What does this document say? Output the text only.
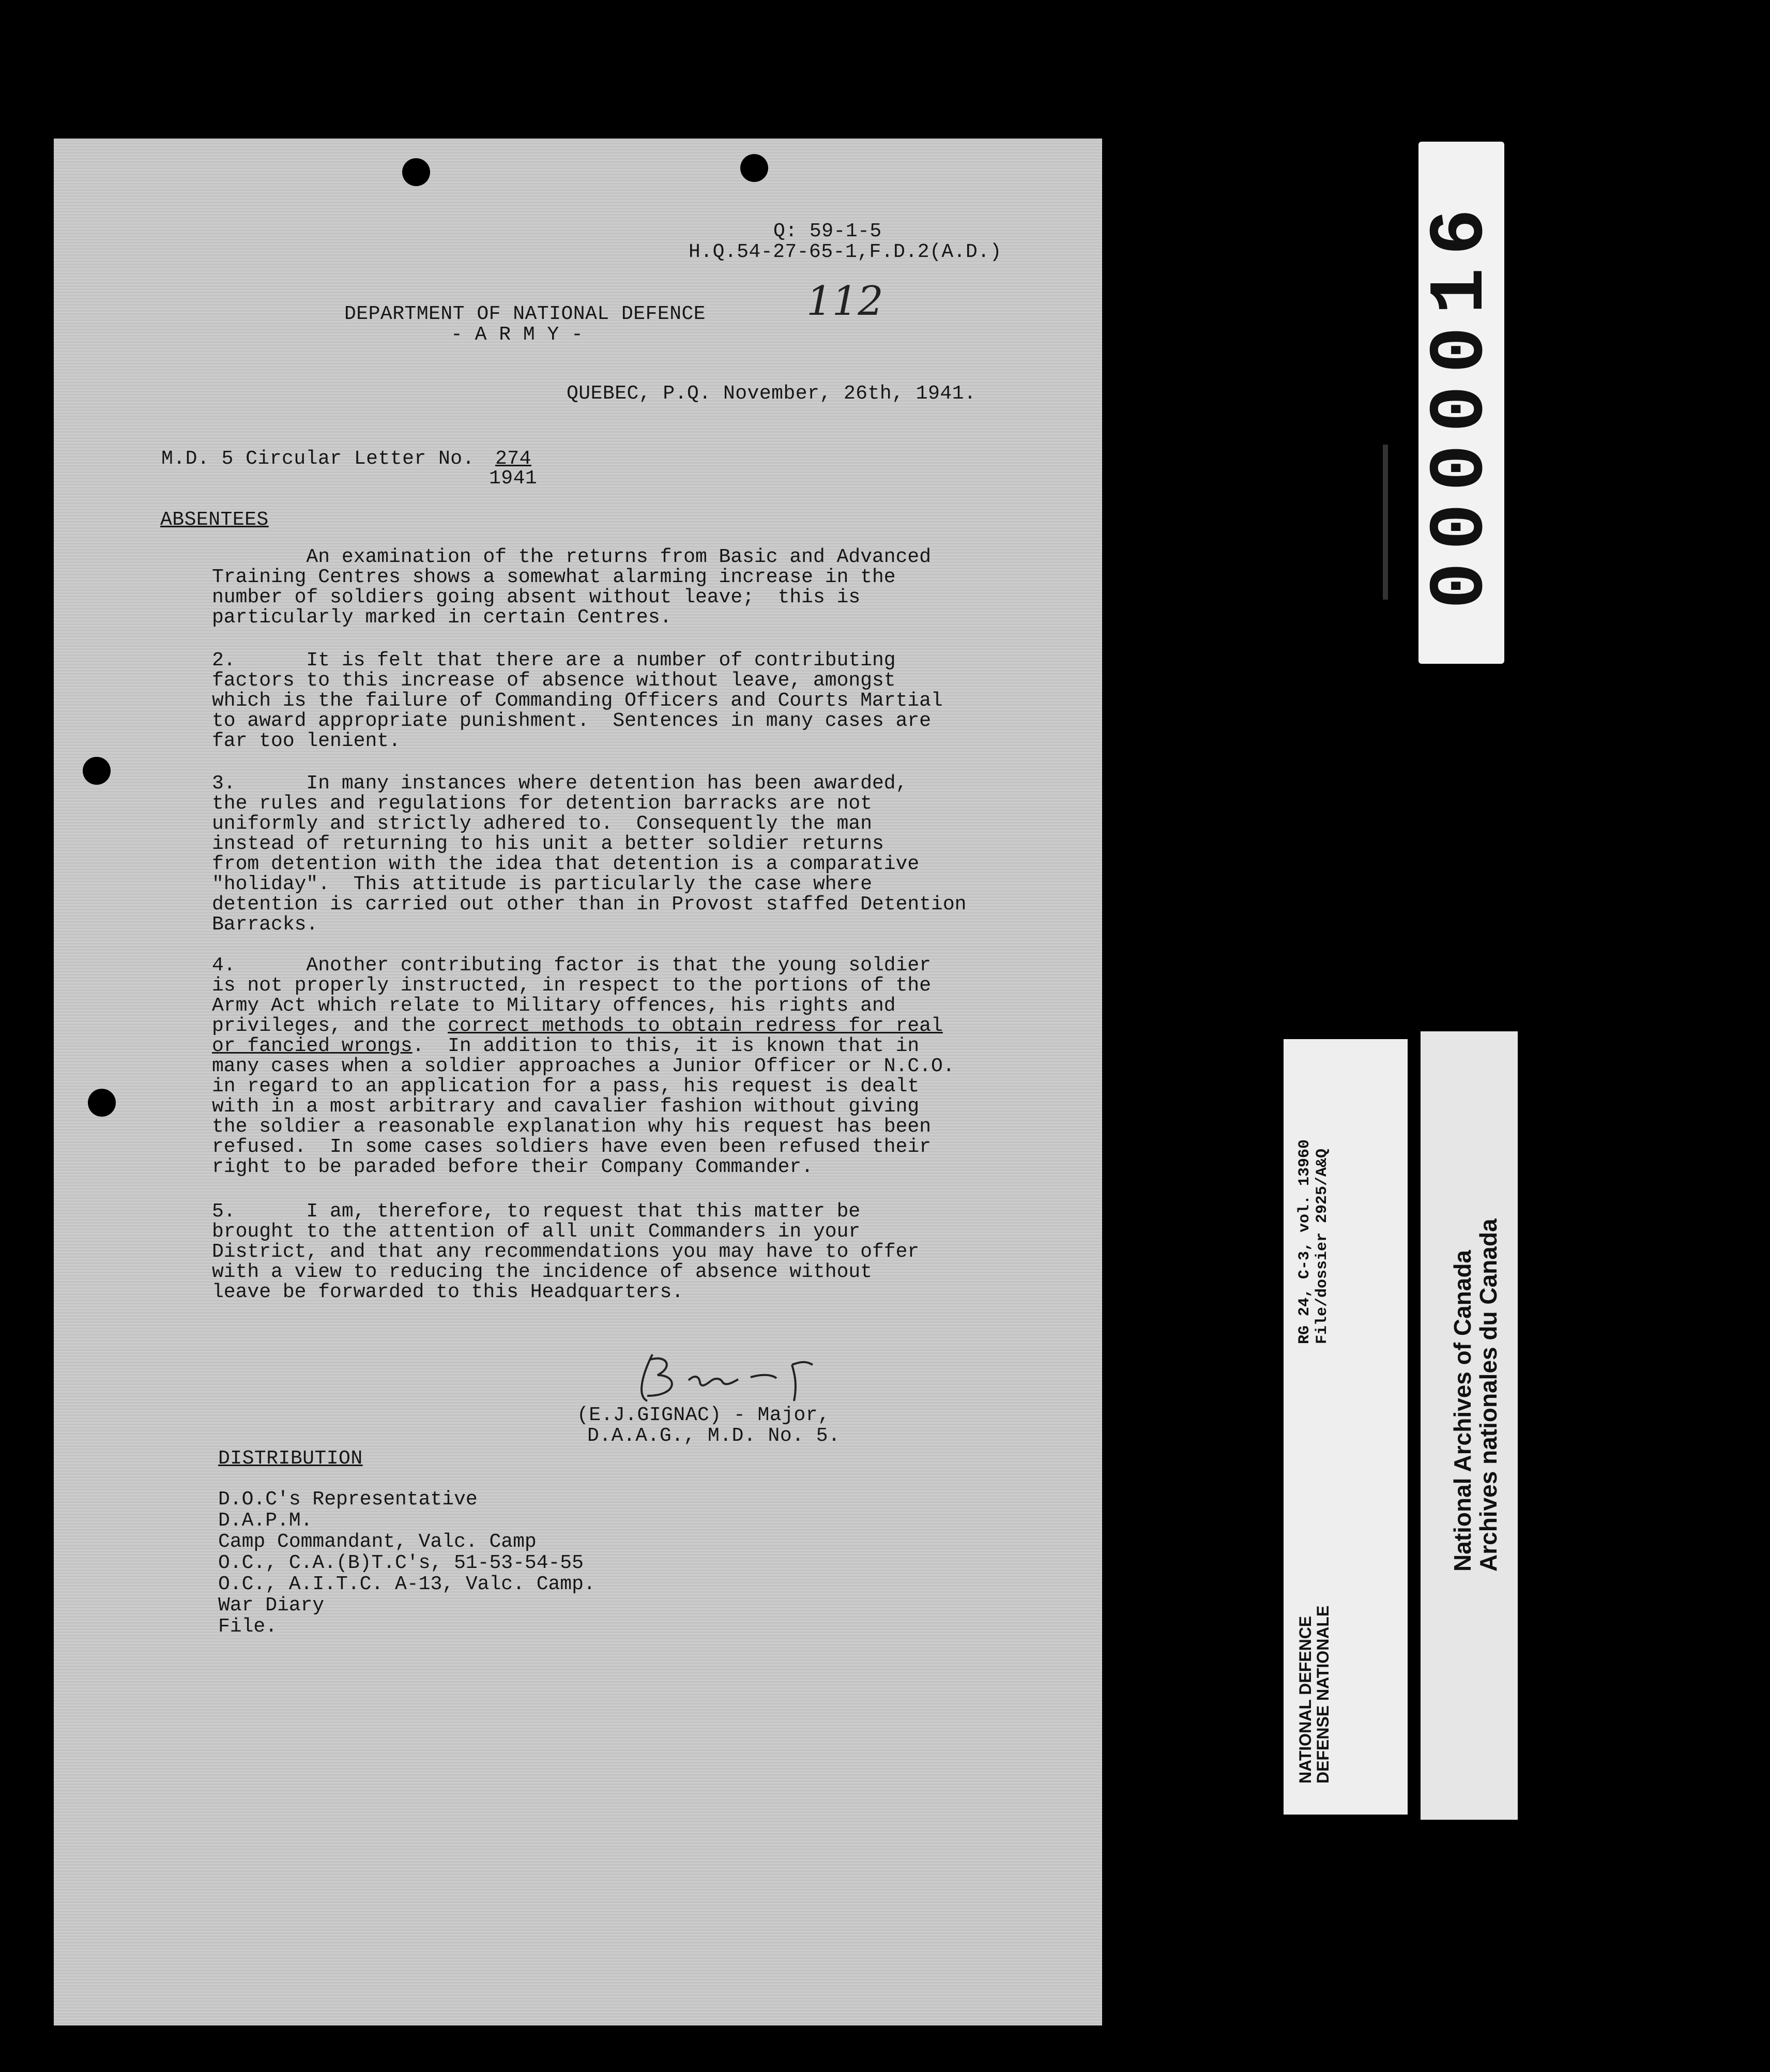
Q: 59-1-5
H.Q.54-27-65-1,F.D.2(A.D.)
112
DEPARTMENT OF NATIONAL DEFENCE
- A R M Y -
QUEBEC, P.Q. November, 26th, 1941.
M.D. 5 Circular Letter No. 274
1941
ABSENTEES
An examination of the returns from Basic and Advanced
Training Centres shows a somewhat alarming increase in the
number of soldiers going absent without leave;  this is
particularly marked in certain Centres.
2.      It is felt that there are a number of contributing
factors to this increase of absence without leave, amongst
which is the failure of Commanding Officers and Courts Martial
to award appropriate punishment.  Sentences in many cases are
far too lenient.
3.      In many instances where detention has been awarded,
the rules and regulations for detention barracks are not
uniformly and strictly adhered to.  Consequently the man
instead of returning to his unit a better soldier returns
from detention with the idea that detention is a comparative
"holiday".  This attitude is particularly the case where
detention is carried out other than in Provost staffed Detention
Barracks.
4.      Another contributing factor is that the young soldier
is not properly instructed, in respect to the portions of the
Army Act which relate to Military offences, his rights and
privileges, and the correct methods to obtain redress for real
or fancied wrongs.  In addition to this, it is known that in
many cases when a soldier approaches a Junior Officer or N.C.O.
in regard to an application for a pass, his request is dealt
with in a most arbitrary and cavalier fashion without giving
the soldier a reasonable explanation why his request has been
refused.  In some cases soldiers have even been refused their
right to be paraded before their Company Commander.
5.      I am, therefore, to request that this matter be
brought to the attention of all unit Commanders in your
District, and that any recommendations you may have to offer
with a view to reducing the incidence of absence without
leave be forwarded to this Headquarters.
(E.J.GIGNAC) - Major,
D.A.A.G., M.D. No. 5.
DISTRIBUTION
D.O.C's Representative
D.A.P.M.
Camp Commandant, Valc. Camp
O.C., C.A.(B)T.C's, 51-53-54-55
O.C., A.I.T.C. A-13, Valc. Camp.
War Diary
File.
0000016
RG 24, C-3, vol. 13960 File/dossier 2925/A&Q
NATIONAL DEFENCE
DEFENSE NATIONALE
National Archives of Canada
Archives nationales du Canada
